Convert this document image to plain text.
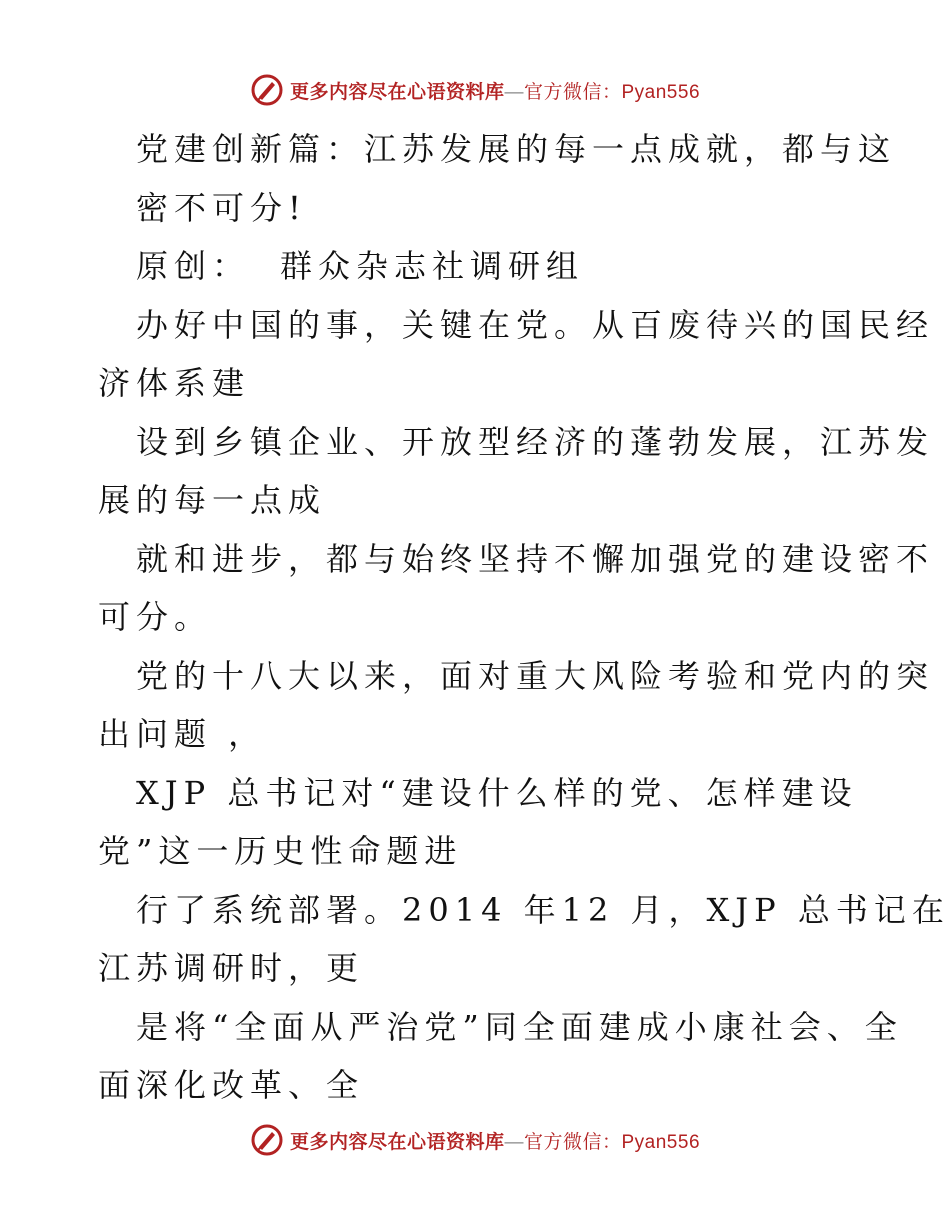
更多内容尽在心语资料库—官方微信：Pyan556
党建创新篇：江苏发展的每一点成就，都与这
密不可分!
原创： 群众杂志社调研组
办好中国的事，关键在党。从百废待兴的国民经
济体系建
设到乡镇企业、开放型经济的蓬勃发展，江苏发
展的每一点成
就和进步，都与始终坚持不懈加强党的建设密不
可分。
党的十八大以来，面对重大风险考验和党内的突
出问题 ，
XJP 总书记对“建设什么样的党、怎样建设
党”这一历史性命题进
行了系统部署。2014 年12 月，XJP 总书记在
江苏调研时，更
是将“全面从严治党”同全面建成小康社会、全
面深化改革、全
更多内容尽在心语资料库—官方微信：Pyan556
